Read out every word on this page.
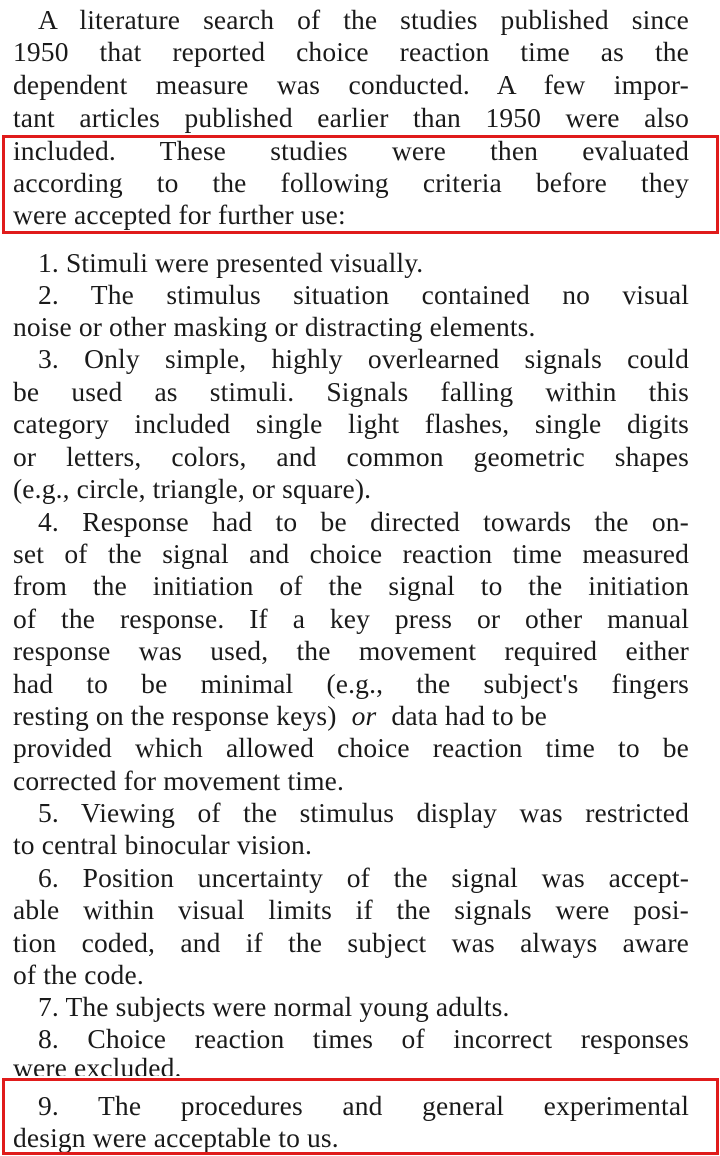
A literature search of the studies published since
1950 that reported choice reaction time as the
dependent measure was conducted. A few impor-
tant articles published earlier than 1950 were also
included. These studies were then evaluated
according to the following criteria before they
were accepted for further use:
1. Stimuli were presented visually.
2. The stimulus situation contained no visual
noise or other masking or distracting elements.
3. Only simple, highly overlearned signals could
be used as stimuli. Signals falling within this
category included single light flashes, single digits
or letters, colors, and common geometric shapes
(e.g., circle, triangle, or square).
4. Response had to be directed towards the on-
set of the signal and choice reaction time measured
from the initiation of the signal to the initiation
of the response. If a key press or other manual
response was used, the movement required either
had to be minimal (e.g., the subject's fingers
resting on the response keys) or data had to be
provided which allowed choice reaction time to be
corrected for movement time.
5. Viewing of the stimulus display was restricted
to central binocular vision.
6. Position uncertainty of the signal was accept-
able within visual limits if the signals were posi-
tion coded, and if the subject was always aware
of the code.
7. The subjects were normal young adults.
8. Choice reaction times of incorrect responses
were excluded.
9. The procedures and general experimental
design were acceptable to us.
